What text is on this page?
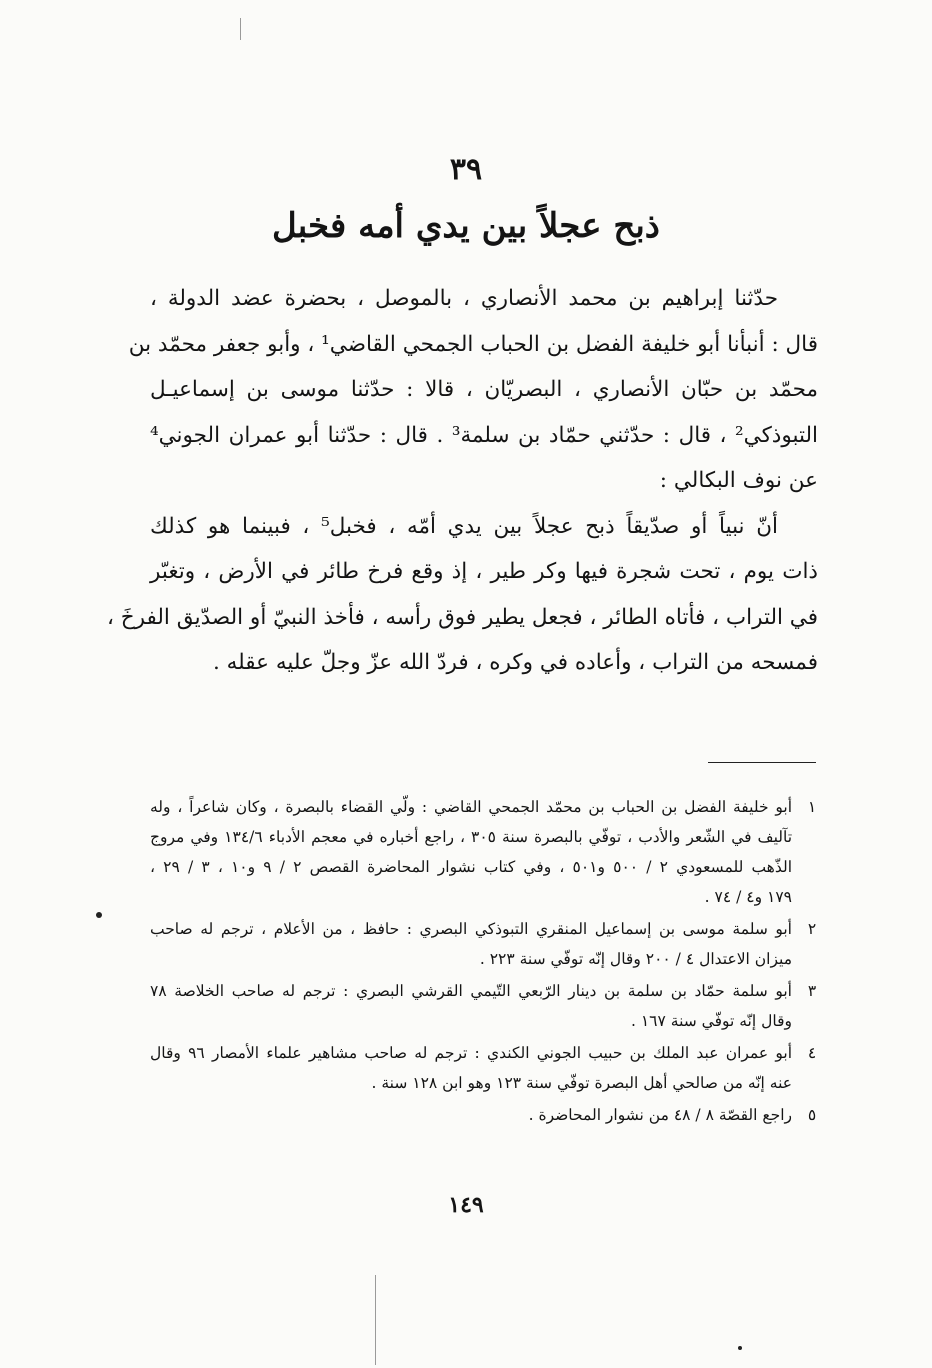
٣٩
ذبح عجلاً بين يدي أمه فخبل
حدّثنا إبراهيم بن محمد الأنصاري ، بالموصل ، بحضرة عضد الدولة ،
قال : أنبأنا أبو خليفة الفضل بن الحباب الجمحي القاضي¹ ، وأبو جعفر محمّد بن
محمّد بن حبّان الأنصاري ، البصريّان ، قالا : حدّثنا موسى بن إسماعيـل
التبوذكي² ، قال : حدّثني حمّاد بن سلمة³ . قال : حدّثنا أبو عمران الجوني⁴
عن نوف البكالي :
أنّ نبياً أو صدّيقاً ذبح عجلاً بين يدي أمّه ، فخبل⁵ ، فبينما هو كذلك
ذات يوم ، تحت شجرة فيها وكر طير ، إذ وقع فرخ طائر في الأرض ، وتغبّر
في التراب ، فأتاه الطائر ، فجعل يطير فوق رأسه ، فأخذ النبيّ أو الصدّيق الفرخَ ،
فمسحه من التراب ، وأعاده في وكره ، فردّ الله عزّ وجلّ عليه عقله .
١
أبو خليفة الفضل بن الحباب بن محمّد الجمحي القاضي : ولّي القضاء بالبصرة ، وكان شاعراً ، وله
تآليف في الشّعر والأدب ، توفّي بالبصرة سنة ٣٠٥ ، راجع أخباره في معجم الأدباء ١٣٤/٦ وفي مروج
الذّهب للمسعودي ٢ / ٥٠٠ و٥٠١ ، وفي كتاب نشوار المحاضرة القصص ٢ / ٩ و١٠ ، ٣ / ٢٩ ،
١٧٩ و٤ / ٧٤ .
٢
أبو سلمة موسى بن إسماعيل المنقري التبوذكي البصري : حافظ ، من الأعلام ، ترجم له صاحب
ميزان الاعتدال ٤ / ٢٠٠ وقال إنّه توفّي سنة ٢٢٣ .
٣
أبو سلمة حمّاد بن سلمة بن دينار الرّبعي التّيمي القرشي البصري : ترجم له صاحب الخلاصة ٧٨
وقال إنّه توفّي سنة ١٦٧ .
٤
أبو عمران عبد الملك بن حبيب الجوني الكندي : ترجم له صاحب مشاهير علماء الأمصار ٩٦ وقال
عنه إنّه من صالحي أهل البصرة توفّي سنة ١٢٣ وهو ابن ١٢٨ سنة .
٥
راجع القصّة ٨ / ٤٨ من نشوار المحاضرة .
١٤٩
